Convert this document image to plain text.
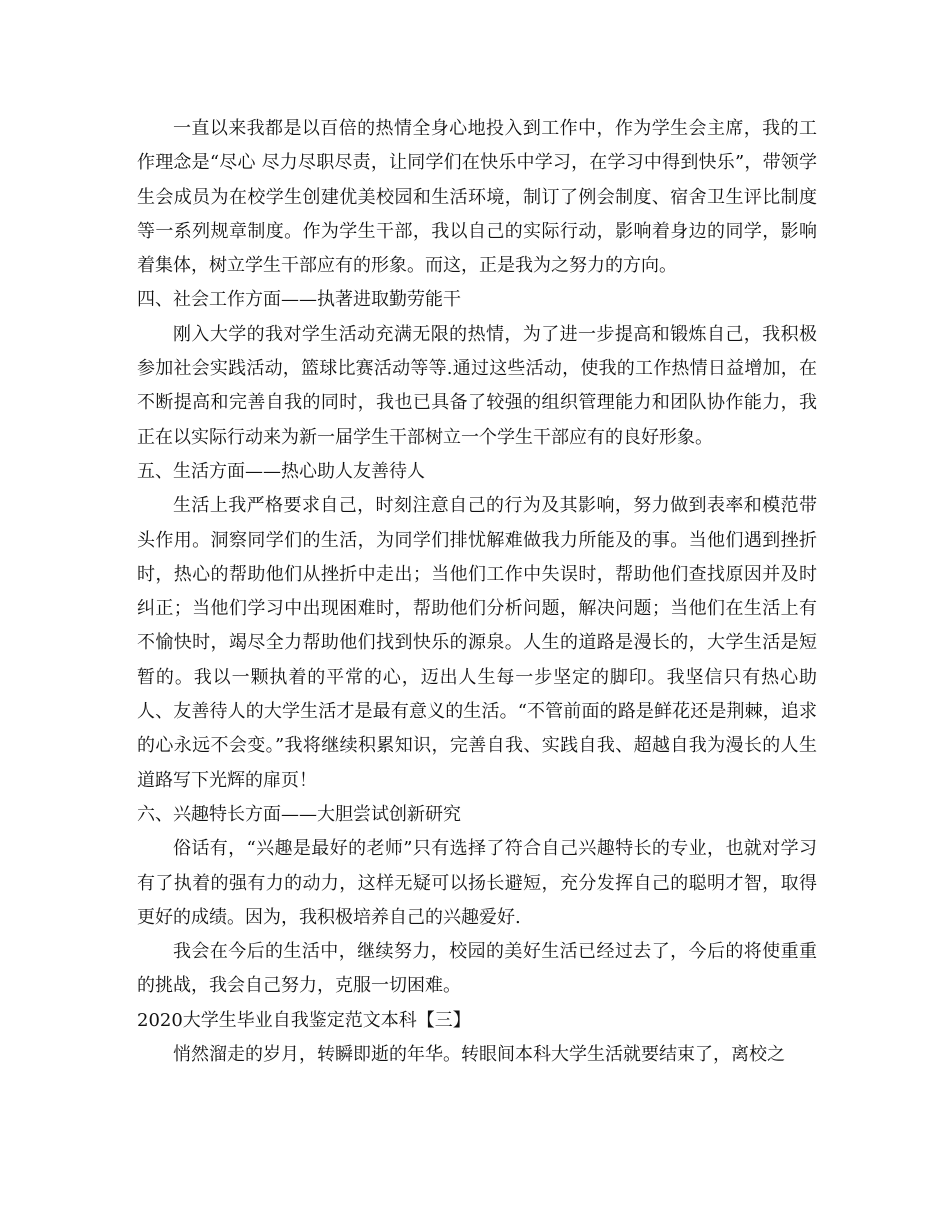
一直以来我都是以百倍的热情全身心地投入到工作中，作为学生会主席，我的工作理念是“尽心 尽力尽职尽责，让同学们在快乐中学习，在学习中得到快乐”，带领学生会成员为在校学生创建优美校园和生活环境，制订了例会制度、宿舍卫生评比制度等一系列规章制度。作为学生干部，我以自己的实际行动，影响着身边的同学，影响着集体，树立学生干部应有的形象。而这，正是我为之努力的方向。

四、社会工作方面——执著进取勤劳能干

刚入大学的我对学生活动充满无限的热情，为了进一步提高和锻炼自己，我积极参加社会实践活动，篮球比赛活动等等.通过这些活动，使我的工作热情日益增加，在不断提高和完善自我的同时，我也已具备了较强的组织管理能力和团队协作能力，我正在以实际行动来为新一届学生干部树立一个学生干部应有的良好形象。

五、生活方面——热心助人友善待人

生活上我严格要求自己，时刻注意自己的行为及其影响，努力做到表率和模范带头作用。洞察同学们的生活，为同学们排忧解难做我力所能及的事。当他们遇到挫折时，热心的帮助他们从挫折中走出；当他们工作中失误时，帮助他们查找原因并及时纠正；当他们学习中出现困难时，帮助他们分析问题，解决问题；当他们在生活上有不愉快时，竭尽全力帮助他们找到快乐的源泉。人生的道路是漫长的，大学生活是短暂的。我以一颗执着的平常的心，迈出人生每一步坚定的脚印。我坚信只有热心助人、友善待人的大学生活才是最有意义的生活。“不管前面的路是鲜花还是荆棘，追求的心永远不会变。”我将继续积累知识，完善自我、实践自我、超越自我为漫长的人生道路写下光辉的扉页！

六、兴趣特长方面——大胆尝试创新研究

俗话有，“兴趣是最好的老师”只有选择了符合自己兴趣特长的专业，也就对学习有了执着的强有力的动力，这样无疑可以扬长避短，充分发挥自己的聪明才智，取得更好的成绩。因为，我积极培养自己的兴趣爱好.

我会在今后的生活中，继续努力，校园的美好生活已经过去了，今后的将使重重的挑战，我会自己努力，克服一切困难。

2020大学生毕业自我鉴定范文本科【三】

悄然溜走的岁月，转瞬即逝的年华。转眼间本科大学生活就要结束了，离校之
